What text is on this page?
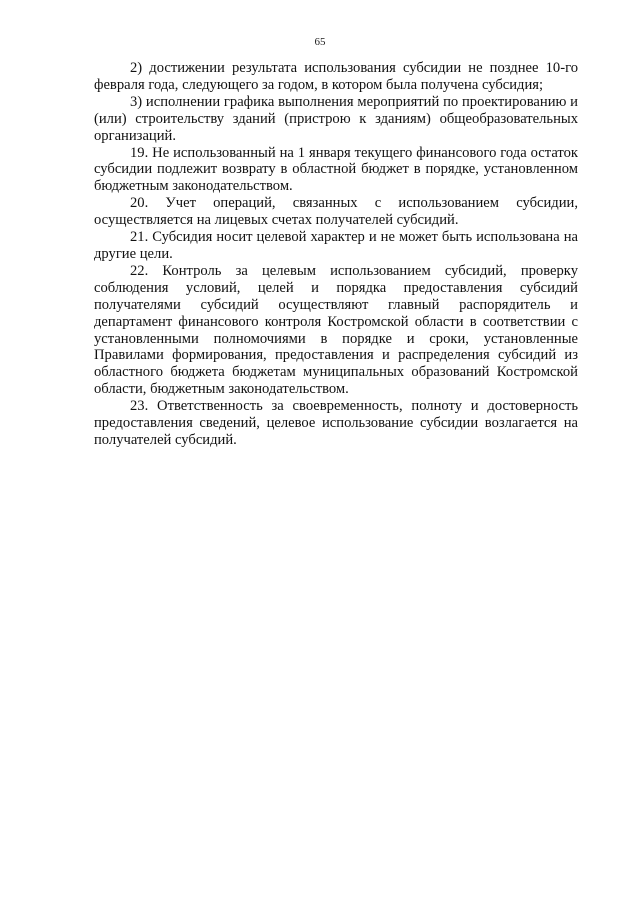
65

2) достижении результата использования субсидии не позднее 10-го февраля года, следующего за годом, в котором была получена субсидия;

3) исполнении графика выполнения мероприятий по проектированию и (или) строительству зданий (пристрою к зданиям) общеобразовательных организаций.

19. Не использованный на 1 января текущего финансового года остаток субсидии подлежит возврату в областной бюджет в порядке, установленном бюджетным законодательством.

20. Учет операций, связанных с использованием субсидии, осуществляется на лицевых счетах получателей субсидий.

21. Субсидия носит целевой характер и не может быть использована на другие цели.

22. Контроль за целевым использованием субсидий, проверку соблюдения условий, целей и порядка предоставления субсидий получателями субсидий осуществляют главный распорядитель и департамент финансового контроля Костромской области в соответствии с установленными полномочиями в порядке и сроки, установленные Правилами формирования, предоставления и распределения субсидий из областного бюджета бюджетам муниципальных образований Костромской области, бюджетным законодательством.

23. Ответственность за своевременность, полноту и достоверность предоставления сведений, целевое использование субсидии возлагается на получателей субсидий.
